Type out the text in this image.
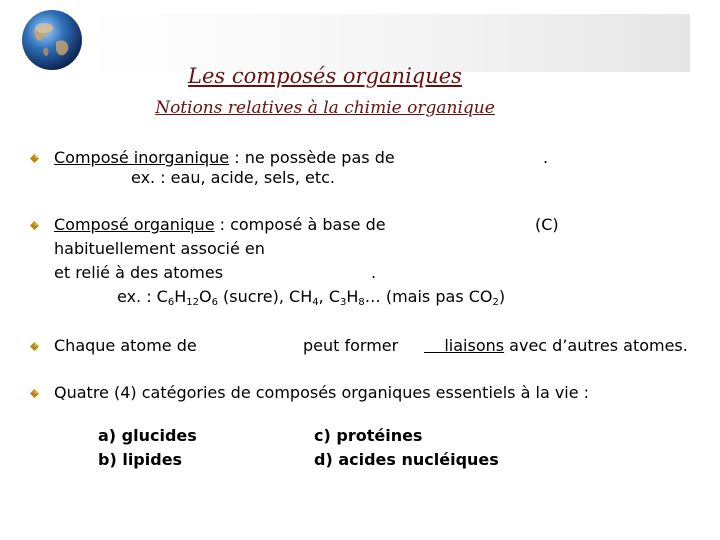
Les composés organiques
Notions relatives à la chimie organique
Composé inorganique : ne possède pas de	.
ex. : eau, acide, sels, etc.
Composé organique : composé à base de	(C)
habituellement associé en
et relié à des atomes	.
ex. : $C_6H_{12}O_6$ (sucre), $CH_4$, $C_3H_8\dots$ (mais pas $CO_2$)
Chaque atome de	peut former	liaisons avec d’autres atomes.
Quatre (4) catégories de composés organiques essentiels à la vie :
a) glucides
b) lipides
c) protéines
d) acides nucléiques
